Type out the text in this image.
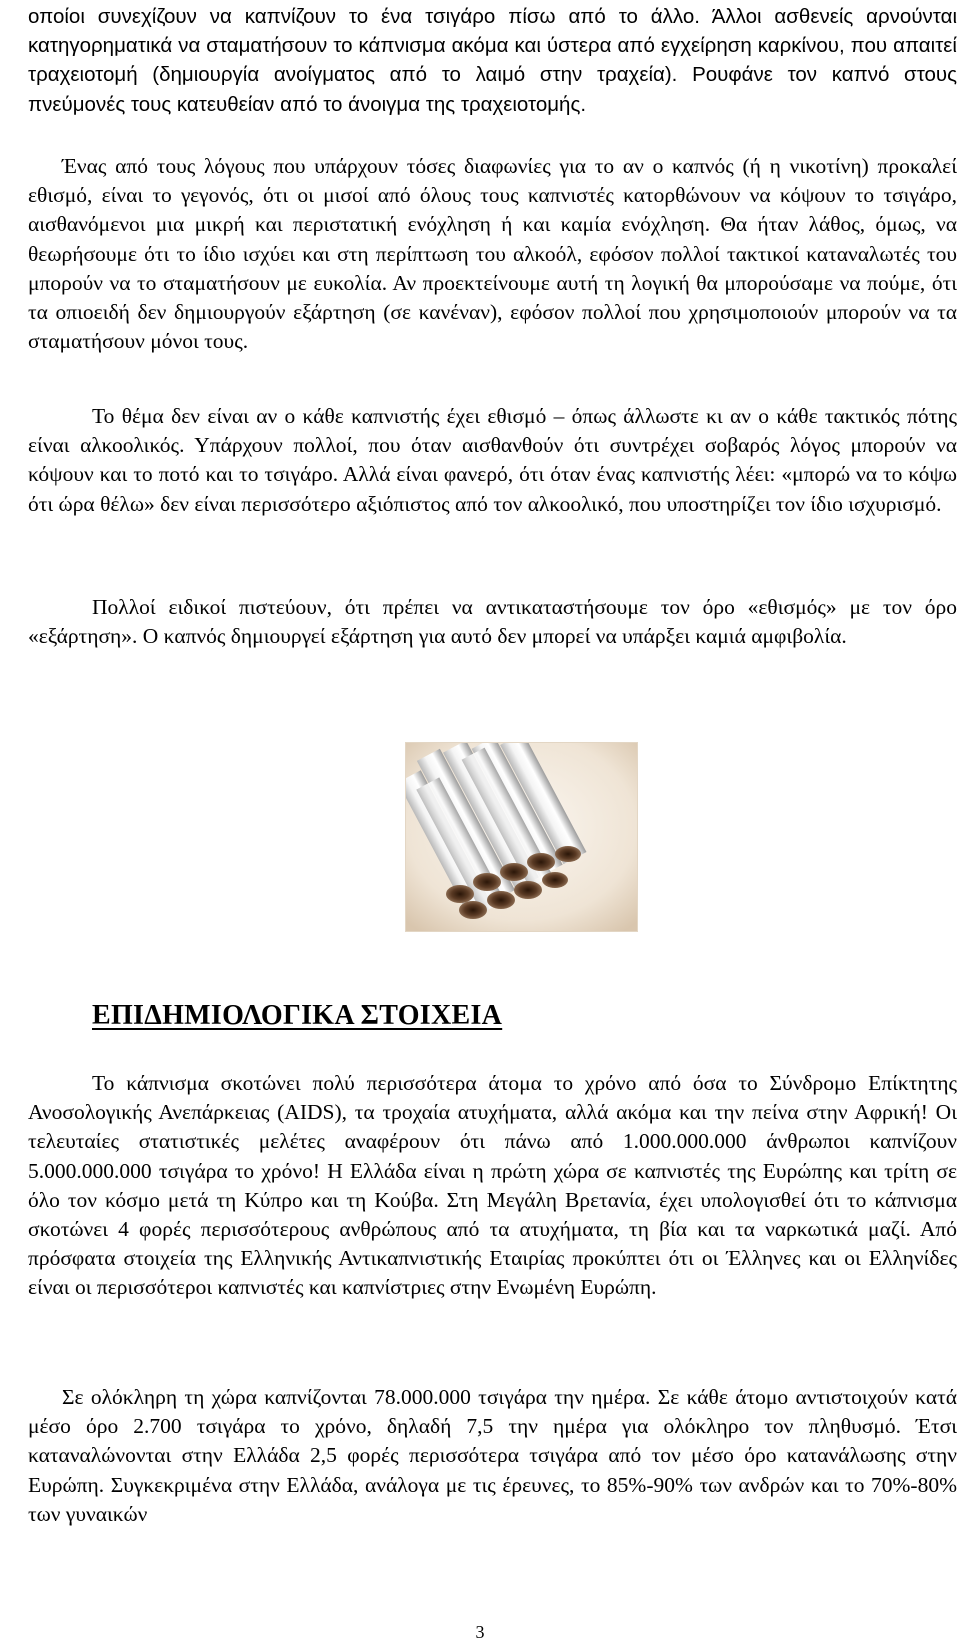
οποίοι συνεχίζουν να καπνίζουν το ένα τσιγάρο πίσω από το άλλο. Άλλοι ασθενείς αρνούνται κατηγορηματικά να σταματήσουν το κάπνισμα ακόμα και ύστερα από εγχείρηση καρκίνου, που απαιτεί τραχειοτομή (δημιουργία ανοίγματος από το λαιμό στην τραχεία). Ρουφάνε τον καπνό στους πνεύμονές τους κατευθείαν από το άνοιγμα της τραχειοτομής.

Ένας από τους λόγους που υπάρχουν τόσες διαφωνίες για το αν ο καπνός (ή η νικοτίνη) προκαλεί εθισμό, είναι το γεγονός, ότι οι μισοί από όλους τους καπνιστές κατορθώνουν να κόψουν το τσιγάρο, αισθανόμενοι μια μικρή και περιστατική ενόχληση ή και καμία ενόχληση. Θα ήταν λάθος, όμως, να θεωρήσουμε ότι το ίδιο ισχύει και στη περίπτωση του αλκοόλ, εφόσον πολλοί τακτικοί καταναλωτές του μπορούν να το σταματήσουν με ευκολία. Αν προεκτείνουμε αυτή τη λογική θα μπορούσαμε να πούμε, ότι τα οπιοειδή δεν δημιουργούν εξάρτηση (σε κανέναν), εφόσον πολλοί που χρησιμοποιούν μπορούν να τα σταματήσουν μόνοι τους.

Το θέμα δεν είναι αν ο κάθε καπνιστής έχει εθισμό – όπως άλλωστε κι αν ο κάθε τακτικός πότης είναι αλκοολικός. Υπάρχουν πολλοί, που όταν αισθανθούν ότι συντρέχει σοβαρός λόγος μπορούν να κόψουν και το ποτό και το τσιγάρο. Αλλά είναι φανερό, ότι όταν ένας καπνιστής λέει: «μπορώ να το κόψω ότι ώρα θέλω» δεν είναι περισσότερο αξιόπιστος από τον αλκοολικό, που υποστηρίζει τον ίδιο ισχυρισμό.

Πολλοί ειδικοί πιστεύουν, ότι πρέπει να αντικαταστήσουμε τον όρο «εθισμός» με τον όρο «εξάρτηση». Ο καπνός δημιουργεί εξάρτηση για αυτό δεν μπορεί να υπάρξει καμιά αμφιβολία.

ΕΠΙΔΗΜΙΟΛΟΓΙΚΑ ΣΤΟΙΧΕΙΑ

Το κάπνισμα σκοτώνει πολύ περισσότερα άτομα το χρόνο από όσα το Σύνδρομο Επίκτητης Ανοσολογικής Ανεπάρκειας (AIDS), τα τροχαία ατυχήματα, αλλά ακόμα και την πείνα στην Αφρική! Οι τελευταίες στατιστικές μελέτες αναφέρουν ότι πάνω από 1.000.000.000 άνθρωποι καπνίζουν 5.000.000.000 τσιγάρα το χρόνο! Η Ελλάδα είναι η πρώτη χώρα σε καπνιστές της Ευρώπης και τρίτη σε όλο τον κόσμο μετά τη Κύπρο και τη Κούβα. Στη Μεγάλη Βρετανία, έχει υπολογισθεί ότι το κάπνισμα σκοτώνει 4 φορές περισσότερους ανθρώπους από τα ατυχήματα, τη βία και τα ναρκωτικά μαζί. Από πρόσφατα στοιχεία της Ελληνικής Αντικαπνιστικής Εταιρίας προκύπτει ότι οι Έλληνες και οι Ελληνίδες είναι οι περισσότεροι καπνιστές και καπνίστριες στην Ενωμένη Ευρώπη.

Σε ολόκληρη τη χώρα καπνίζονται 78.000.000 τσιγάρα την ημέρα. Σε κάθε άτομο αντιστοιχούν κατά μέσο όρο 2.700 τσιγάρα το χρόνο, δηλαδή 7,5 την ημέρα για ολόκληρο τον πληθυσμό. Έτσι καταναλώνονται στην Ελλάδα 2,5 φορές περισσότερα τσιγάρα από τον μέσο όρο κατανάλωσης στην Ευρώπη. Συγκεκριμένα στην Ελλάδα, ανάλογα με τις έρευνες, το 85%-90% των ανδρών και το 70%-80% των γυναικών

3
